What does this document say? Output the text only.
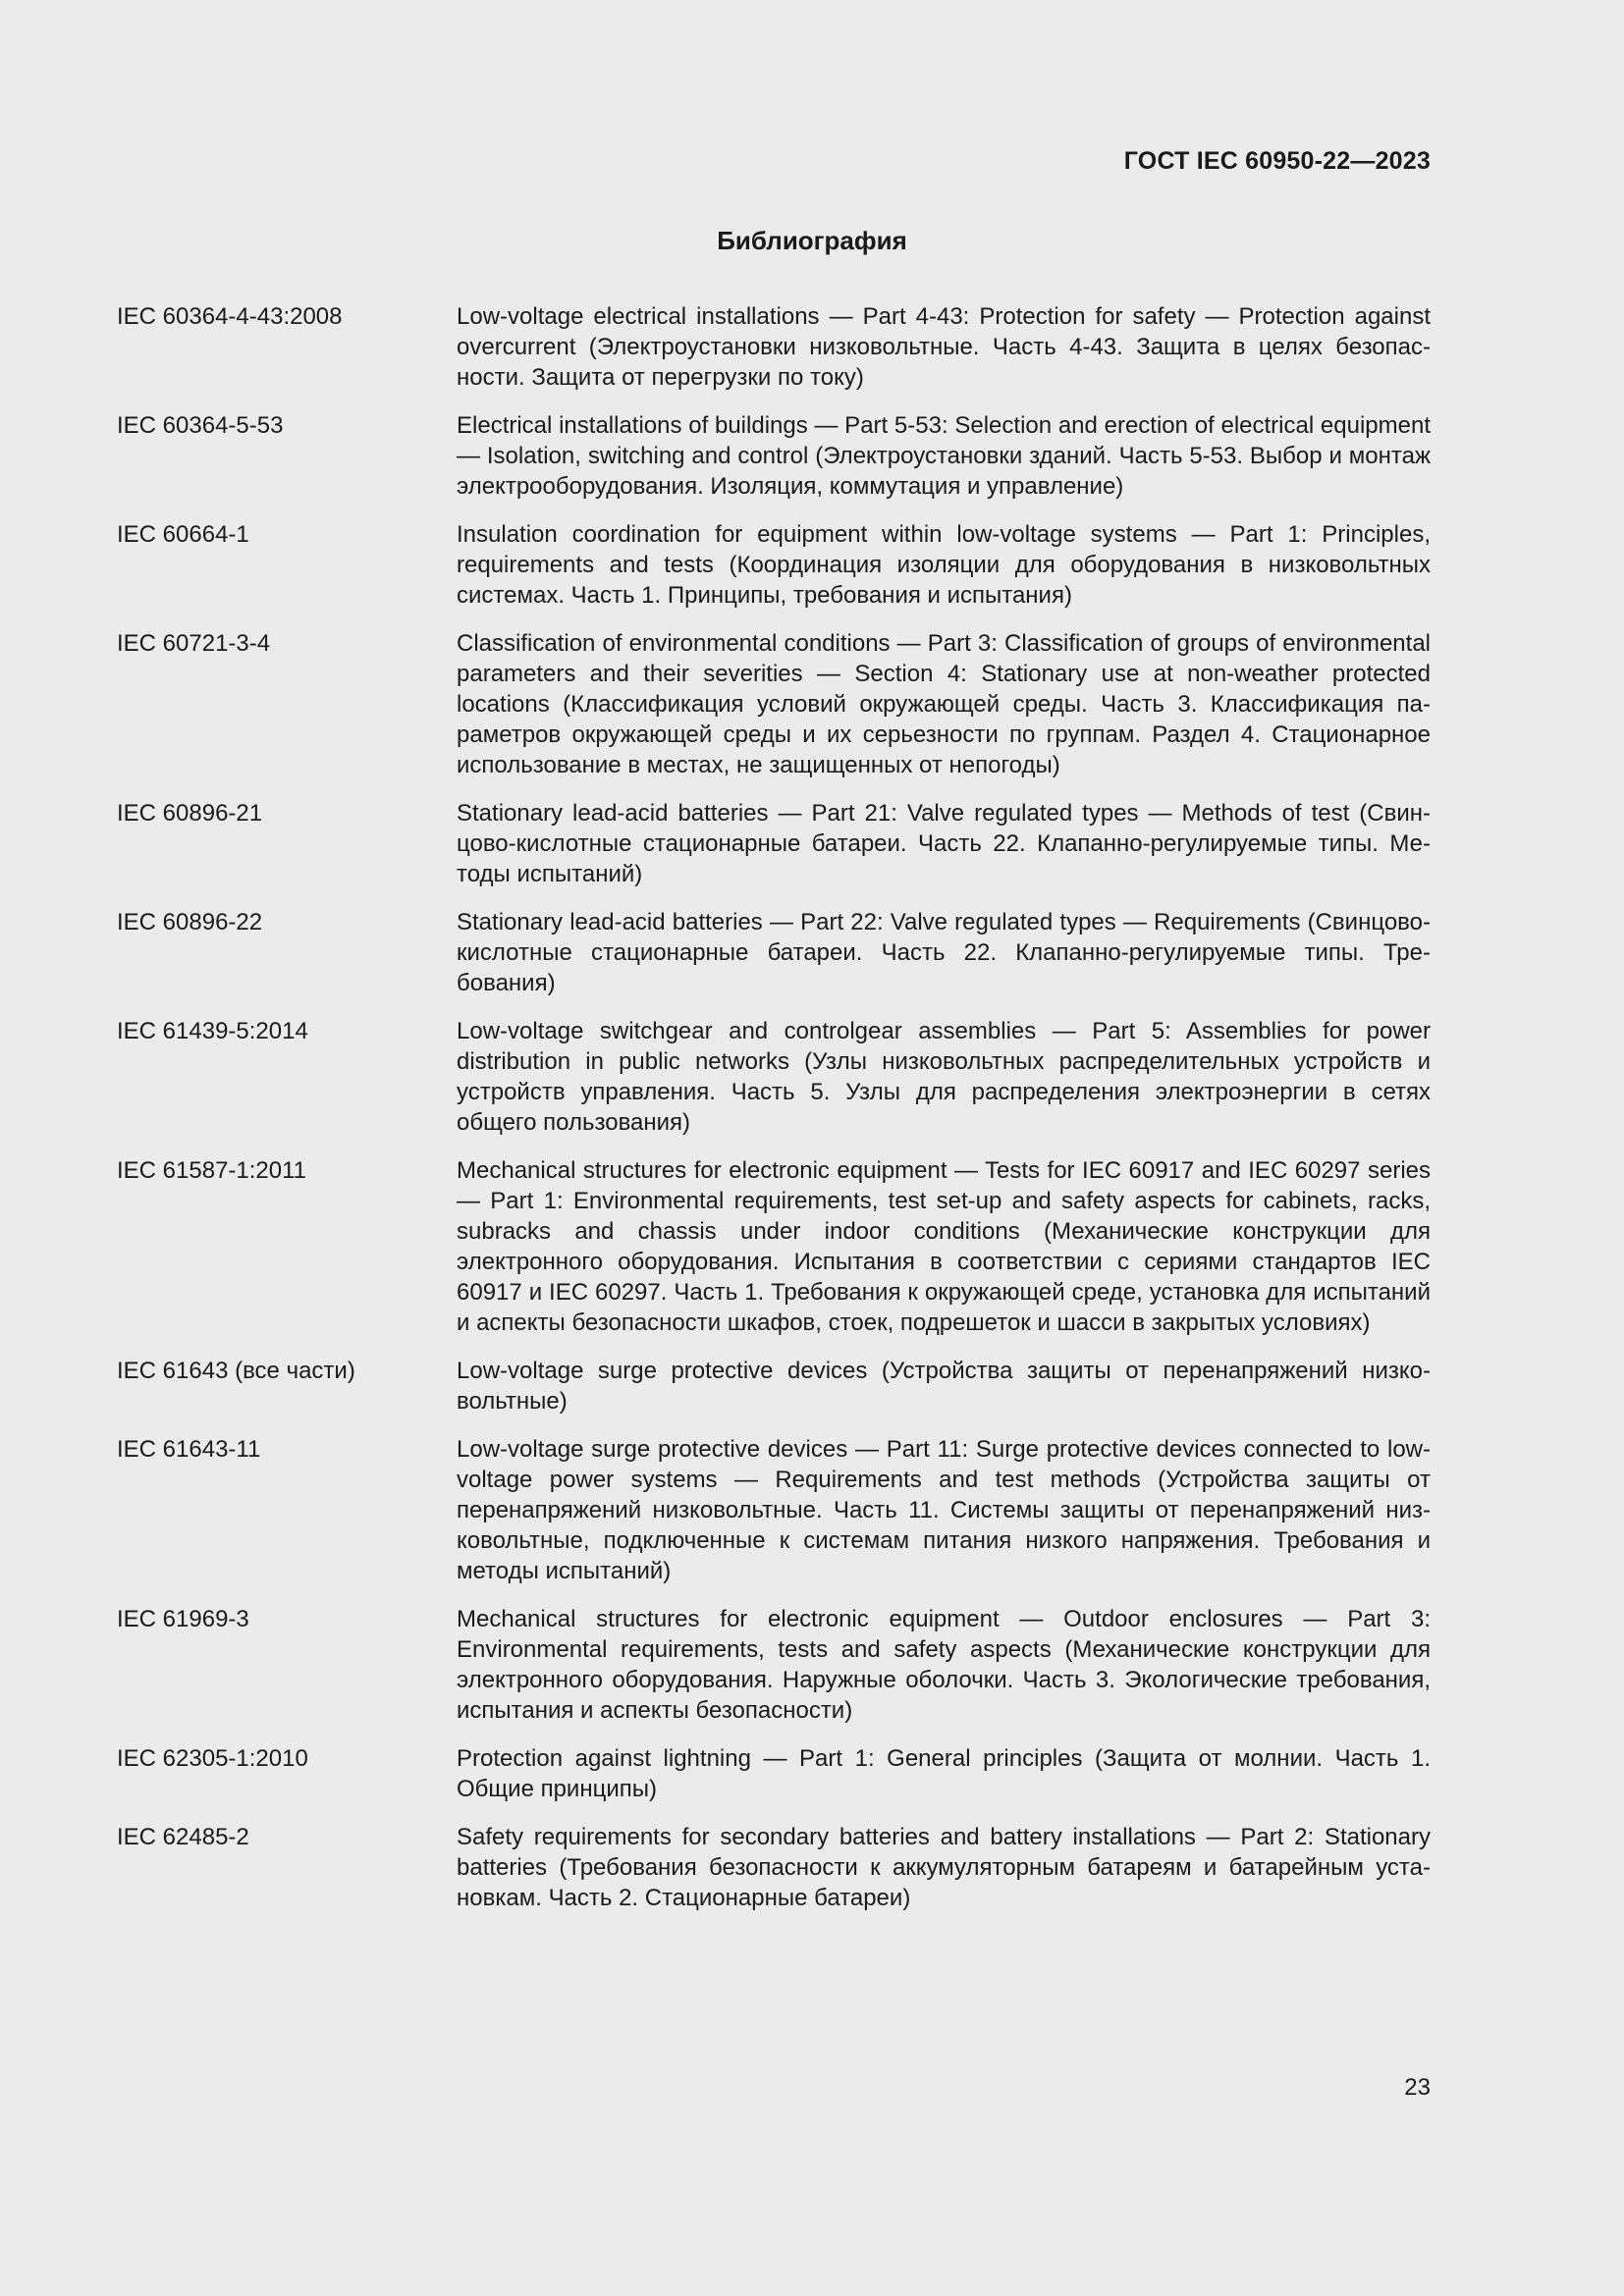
ГОСТ IEC 60950-22—2023
Библиография
IEC 60364-4-43:2008	Low-voltage electrical installations — Part 4-43: Protection for safety — Protection against overcurrent (Электроустановки низковольтные. Часть 4-43. Защита в целях безопасности. Защита от перегрузки по току)
IEC 60364-5-53	Electrical installations of buildings — Part 5-53: Selection and erection of electrical equipment — Isolation, switching and control (Электроустановки зданий. Часть 5-53. Выбор и монтаж электрооборудования. Изоляция, коммутация и управление)
IEC 60664-1	Insulation coordination for equipment within low-voltage systems — Part 1: Principles, requirements and tests (Координация изоляции для оборудования в низковольтных системах. Часть 1. Принципы, требования и испытания)
IEC 60721-3-4	Classification of environmental conditions — Part 3: Classification of groups of environmental parameters and their severities — Section 4: Stationary use at non-weather protected locations (Классификация условий окружающей среды. Часть 3. Классификация параметров окружающей среды и их серьезности по группам. Раздел 4. Стационарное использование в местах, не защищенных от непогоды)
IEC 60896-21	Stationary lead-acid batteries — Part 21: Valve regulated types — Methods of test (Свинцово-кислотные стационарные батареи. Часть 22. Клапанно-регулируемые типы. Методы испытаний)
IEC 60896-22	Stationary lead-acid batteries — Part 22: Valve regulated types — Requirements (Свинцово-кислотные стационарные батареи. Часть 22. Клапанно-регулируемые типы. Требования)
IEC 61439-5:2014	Low-voltage switchgear and controlgear assemblies — Part 5: Assemblies for power distribution in public networks (Узлы низковольтных распределительных устройств и устройств управления. Часть 5. Узлы для распределения электроэнергии в сетях общего пользования)
IEC 61587-1:2011	Mechanical structures for electronic equipment — Tests for IEC 60917 and IEC 60297 series — Part 1: Environmental requirements, test set-up and safety aspects for cabinets, racks, subracks and chassis under indoor conditions (Механические конструкции для электронного оборудования. Испытания в соответствии с сериями стандартов IEC 60917 и IEC 60297. Часть 1. Требования к окружающей среде, установка для испытаний и аспекты безопасности шкафов, стоек, подрешеток и шасси в закрытых условиях)
IEC 61643 (все части)	Low-voltage surge protective devices (Устройства защиты от перенапряжений низковольтные)
IEC 61643-11	Low-voltage surge protective devices — Part 11: Surge protective devices connected to low-voltage power systems — Requirements and test methods (Устройства защиты от перенапряжений низковольтные. Часть 11. Системы защиты от перенапряжений низковольтные, подключенные к системам питания низкого напряжения. Требования и методы испытаний)
IEC 61969-3	Mechanical structures for electronic equipment — Outdoor enclosures — Part 3: Environmental requirements, tests and safety aspects (Механические конструкции для электронного оборудования. Наружные оболочки. Часть 3. Экологические требования, испытания и аспекты безопасности)
IEC 62305-1:2010	Protection against lightning — Part 1: General principles (Защита от молнии. Часть 1. Общие принципы)
IEC 62485-2	Safety requirements for secondary batteries and battery installations — Part 2: Stationary batteries (Требования безопасности к аккумуляторным батареям и батарейным установкам. Часть 2. Стационарные батареи)
23
